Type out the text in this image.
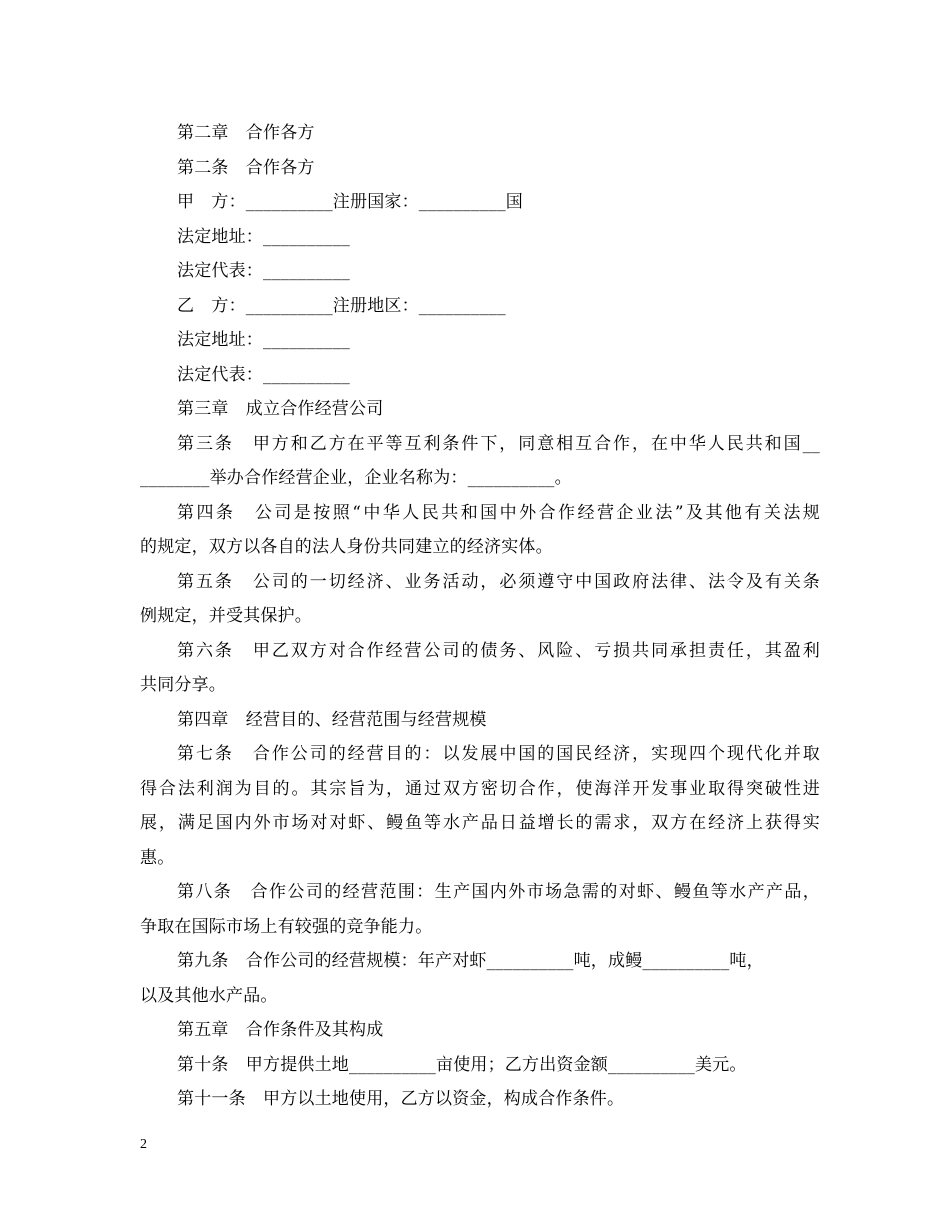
第二章　合作各方
第二条　合作各方
甲　方：__________注册国家：__________国
法定地址：__________
法定代表：__________
乙　方：__________注册地区：__________
法定地址：__________
法定代表：__________
第三章　成立合作经营公司
第三条　甲方和乙方在平等互利条件下，同意相互合作，在中华人民共和国__
________举办合作经营企业，企业名称为：__________。
第四条　公司是按照“中华人民共和国中外合作经营企业法”及其他有关法规
的规定，双方以各自的法人身份共同建立的经济实体。
第五条　公司的一切经济、业务活动，必须遵守中国政府法律、法令及有关条
例规定，并受其保护。
第六条　甲乙双方对合作经营公司的债务、风险、亏损共同承担责任，其盈利
共同分享。
第四章　经营目的、经营范围与经营规模
第七条　合作公司的经营目的：以发展中国的国民经济，实现四个现代化并取
得合法利润为目的。其宗旨为，通过双方密切合作，使海洋开发事业取得突破性进
展，满足国内外市场对对虾、鳗鱼等水产品日益增长的需求，双方在经济上获得实
惠。
第八条　合作公司的经营范围：生产国内外市场急需的对虾、鳗鱼等水产产品，
争取在国际市场上有较强的竞争能力。
第九条　合作公司的经营规模：年产对虾__________吨，成鳗__________吨，
以及其他水产品。
第五章　合作条件及其构成
第十条　甲方提供土地__________亩使用；乙方出资金额__________美元。
第十一条　甲方以土地使用，乙方以资金，构成合作条件。
2
